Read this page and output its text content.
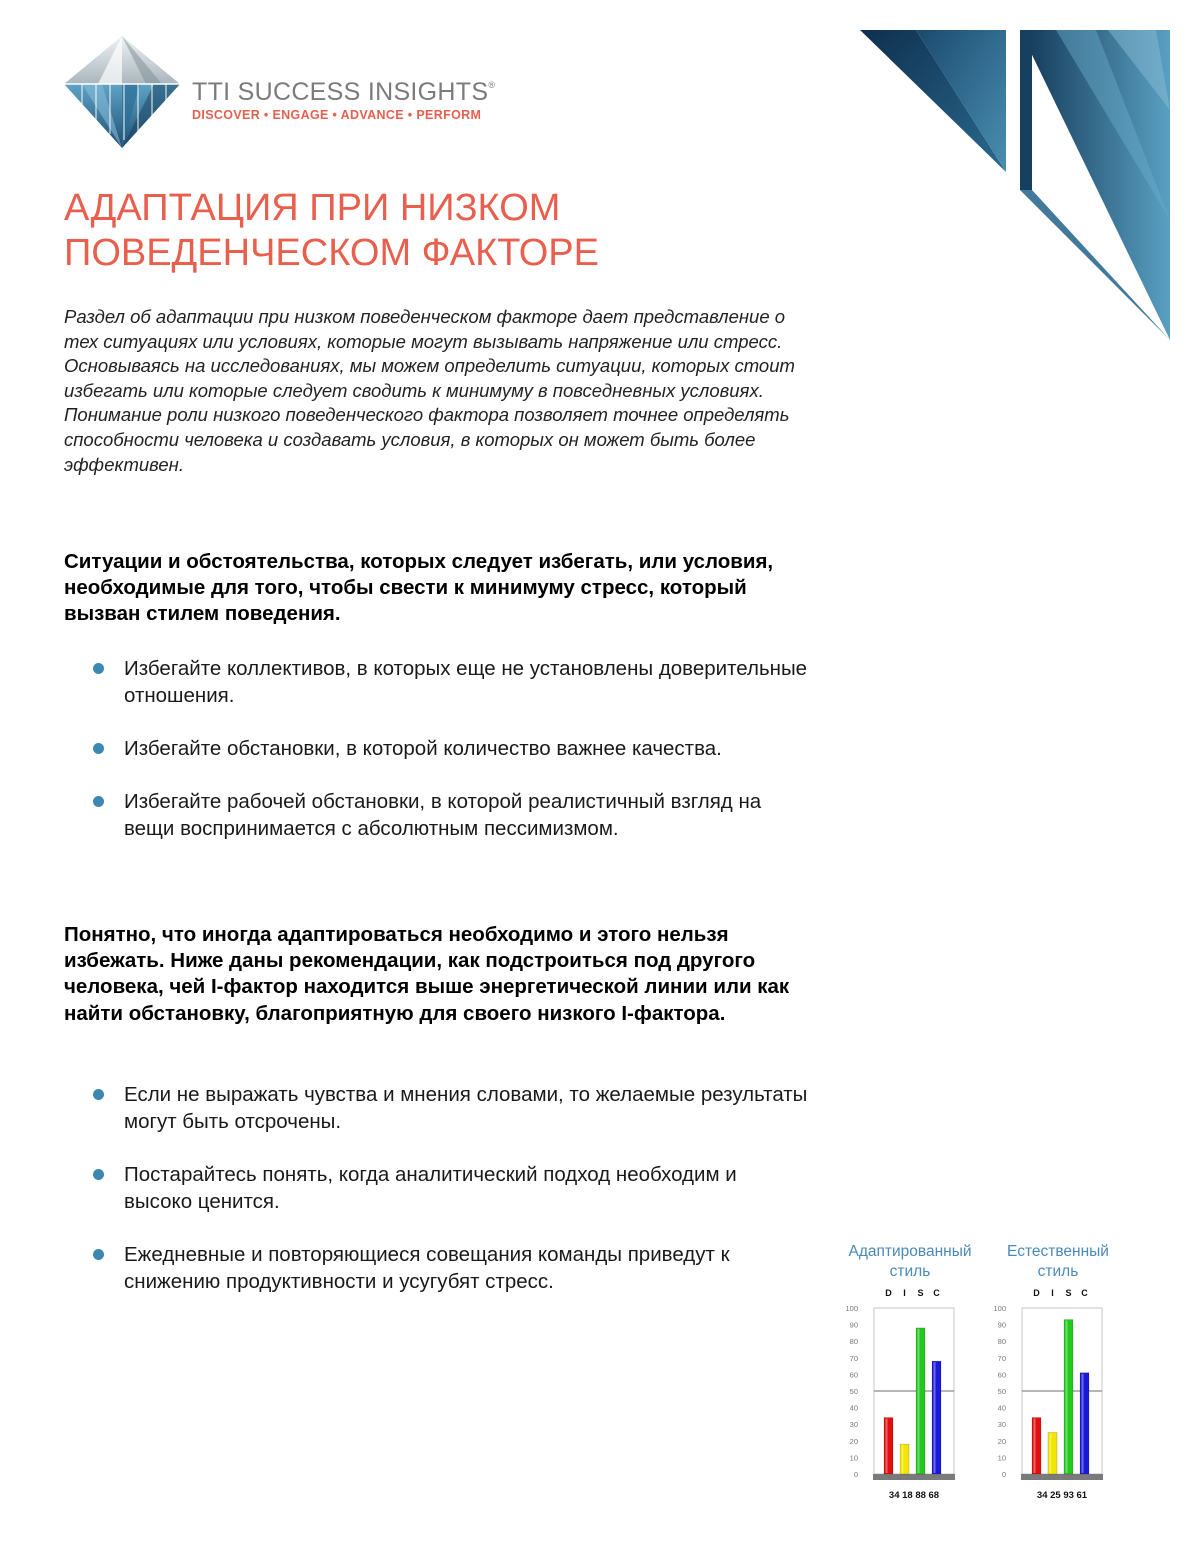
TTI SUCCESS INSIGHTS®
DISCOVER • ENGAGE • ADVANCE • PERFORM
АДАПТАЦИЯ ПРИ НИЗКОМ
ПОВЕДЕНЧЕСКОМ ФАКТОРЕ

Раздел об адаптации при низком поведенческом факторе дает представление о тех ситуациях или условиях, которые могут вызывать напряжение или стресс. Основываясь на исследованиях, мы можем определить ситуации, которых стоит избегать или которые следует сводить к минимуму в повседневных условиях. Понимание роли низкого поведенческого фактора позволяет точнее определять способности человека и создавать условия, в которых он может быть более эффективен.

Ситуации и обстоятельства, которых следует избегать, или условия, необходимые для того, чтобы свести к минимуму стресс, который вызван стилем поведения.

Избегайте коллективов, в которых еще не установлены доверительные отношения.
Избегайте обстановки, в которой количество важнее качества.
Избегайте рабочей обстановки, в которой реалистичный взгляд на вещи воспринимается с абсолютным пессимизмом.

Понятно, что иногда адаптироваться необходимо и этого нельзя избежать. Ниже даны рекомендации, как подстроиться под другого человека, чей I-фактор находится выше энергетической линии или как найти обстановку, благоприятную для своего низкого I-фактора.

Если не выражать чувства и мнения словами, то желаемые результаты могут быть отсрочены.
Постарайтесь понять, когда аналитический подход необходим и высоко ценится.
Ежедневные и повторяющиеся совещания команды приведут к снижению продуктивности и усугубят стресс.
Адаптированный
стиль
Естественный
стиль
0
10
20
30
40
50
60
70
80
90
100
D I S C
34 18 88 68
0
10
20
30
40
50
60
70
80
90
100
D I S C
34 25 93 61
